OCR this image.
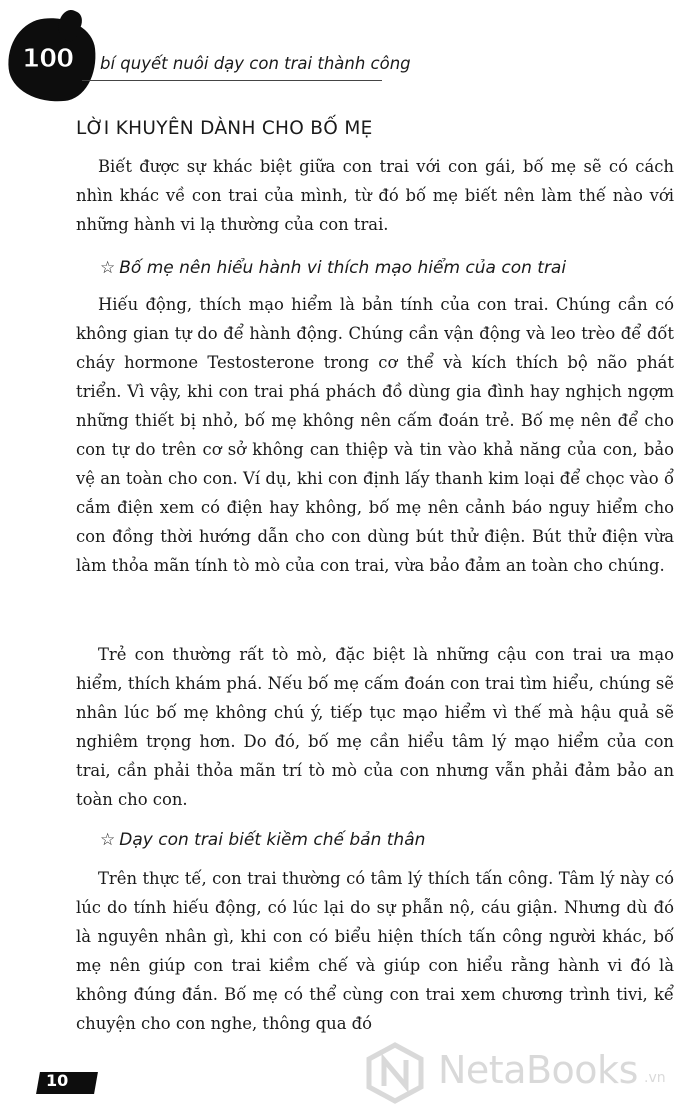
100 bí quyết nuôi dạy con trai thành công
LỜI KHUYÊN DÀNH CHO BỐ MẸ

Biết được sự khác biệt giữa con trai với con gái, bố mẹ sẽ có cách nhìn khác về con trai của mình, từ đó bố mẹ biết nên làm thế nào với những hành vi lạ thường của con trai.

☆ Bố mẹ nên hiểu hành vi thích mạo hiểm của con trai

Hiếu động, thích mạo hiểm là bản tính của con trai. Chúng cần có không gian tự do để hành động. Chúng cần vận động và leo trèo để đốt cháy hormone Testosterone trong cơ thể và kích thích bộ não phát triển. Vì vậy, khi con trai phá phách đồ dùng gia đình hay nghịch ngợm những thiết bị nhỏ, bố mẹ không nên cấm đoán trẻ. Bố mẹ nên để cho con tự do trên cơ sở không can thiệp và tin vào khả năng của con, bảo vệ an toàn cho con. Ví dụ, khi con định lấy thanh kim loại để chọc vào ổ cắm điện xem có điện hay không, bố mẹ nên cảnh báo nguy hiểm cho con đồng thời hướng dẫn cho con dùng bút thử điện. Bút thử điện vừa làm thỏa mãn tính tò mò của con trai, vừa bảo đảm an toàn cho chúng.

Trẻ con thường rất tò mò, đặc biệt là những cậu con trai ưa mạo hiểm, thích khám phá. Nếu bố mẹ cấm đoán con trai tìm hiểu, chúng sẽ nhân lúc bố mẹ không chú ý, tiếp tục mạo hiểm vì thế mà hậu quả sẽ nghiêm trọng hơn. Do đó, bố mẹ cần hiểu tâm lý mạo hiểm của con trai, cần phải thỏa mãn trí tò mò của con nhưng vẫn phải đảm bảo an toàn cho con.

☆ Dạy con trai biết kiềm chế bản thân

Trên thực tế, con trai thường có tâm lý thích tấn công. Tâm lý này có lúc do tính hiếu động, có lúc lại do sự phẫn nộ, cáu giận. Nhưng dù đó là nguyên nhân gì, khi con có biểu hiện thích tấn công người khác, bố mẹ nên giúp con trai kiềm chế và giúp con hiểu rằng hành vi đó là không đúng đắn. Bố mẹ có thể cùng con trai xem chương trình tivi, kể chuyện cho con nghe, thông qua đó

10	NetaBooks .vn
